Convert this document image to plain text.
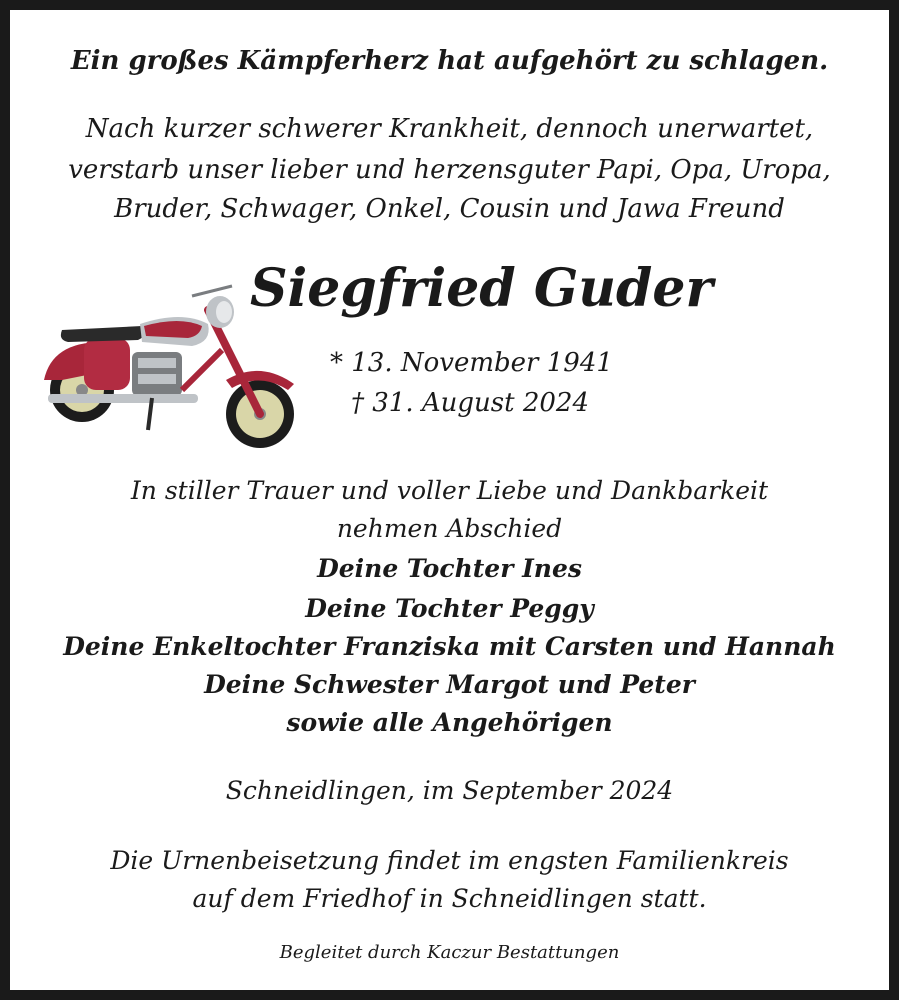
Ein großes Kämpferherz hat aufgehört zu schlagen.
Nach kurzer schwerer Krankheit, dennoch unerwartet,
verstarb unser lieber und herzensguter Papi, Opa, Uropa,
Bruder, Schwager, Onkel, Cousin und Jawa Freund
Siegfried Guder
* 13. November 1941
† 31. August 2024
In stiller Trauer und voller Liebe und Dankbarkeit
nehmen Abschied
Deine Tochter Ines
Deine Tochter Peggy
Deine Enkeltochter Franziska mit Carsten und Hannah
Deine Schwester Margot und Peter
sowie alle Angehörigen
Schneidlingen, im September 2024
Die Urnenbeisetzung findet im engsten Familienkreis
auf dem Friedhof in Schneidlingen statt.
Begleitet durch Kaczur Bestattungen
